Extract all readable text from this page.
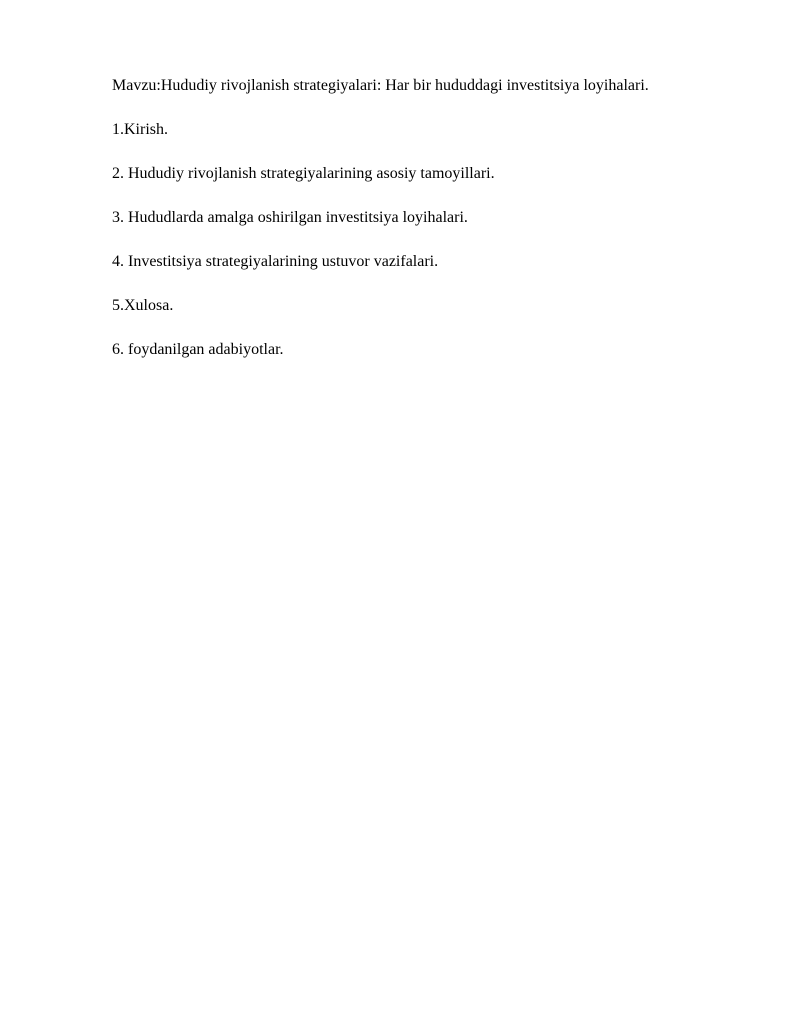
Mavzu:Hududiy rivojlanish strategiyalari: Har bir hududdagi investitsiya loyihalari.
1.Kirish.
2. Hududiy rivojlanish strategiyalarining asosiy tamoyillari.
3. Hududlarda amalga oshirilgan investitsiya loyihalari.
4. Investitsiya strategiyalarining ustuvor vazifalari.
5.Xulosa.
6. foydanilgan adabiyotlar.
